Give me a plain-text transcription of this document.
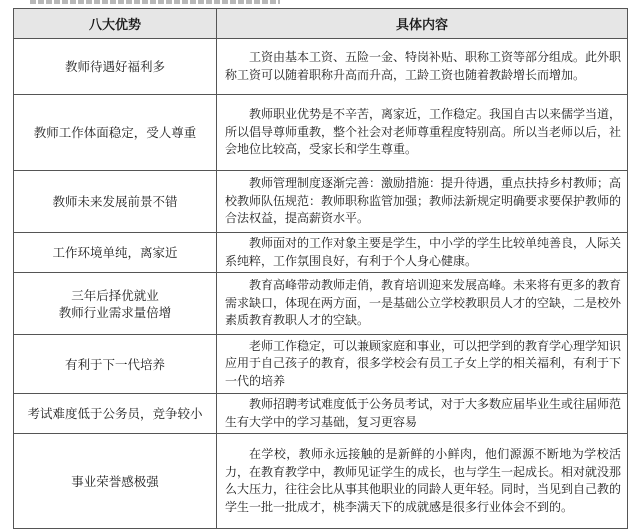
八大优势	具体内容
教师待遇好福利多	工资由基本工资、五险一金、特岗补贴、职称工资等部分组成。此外职称工资可以随着职称升高而升高，工龄工资也随着教龄增长而增加。

教师工作体面稳定，受人尊重	教师职业优势是不辛苦，离家近，工作稳定。我国自古以来儒学当道，所以倡导尊师重教，整个社会对老师尊重程度特别高。所以当老师以后，社会地位比较高，受家长和学生尊重。

教师未来发展前景不错	教师管理制度逐渐完善：激励措施：提升待遇，重点扶持乡村教师；高校教师队伍规范：教师职称监管加强；教师法新规定明确要求要保护教师的合法权益，提高薪资水平。

工作环境单纯，离家近	教师面对的工作对象主要是学生，中小学的学生比较单纯善良，人际关系纯粹，工作氛围良好，有利于个人身心健康。

三年后择优就业
教师行业需求量倍增	教育高峰带动教师走俏，教育培训迎来发展高峰。未来将有更多的教育需求缺口，体现在两方面，一是基础公立学校教职员人才的空缺，二是校外素质教育教职人才的空缺。

有利于下一代培养	老师工作稳定，可以兼顾家庭和事业，可以把学到的教育学心理学知识应用于自己孩子的教育，很多学校会有员工子女上学的相关福利，有利于下一代的培养

考试难度低于公务员，竞争较小	教师招聘考试难度低于公务员考试，对于大多数应届毕业生或往届师范生有大学中的学习基础，复习更容易

事业荣誉感极强	在学校，教师永远接触的是新鲜的小鲜肉，他们源源不断地为学校活力，在教育教学中，教师见证学生的成长，也与学生一起成长。相对就没那么大压力，往往会比从事其他职业的同龄人更年轻。同时，当见到自己教的学生一批一批成才，桃李满天下的成就感是很多行业体会不到的。
